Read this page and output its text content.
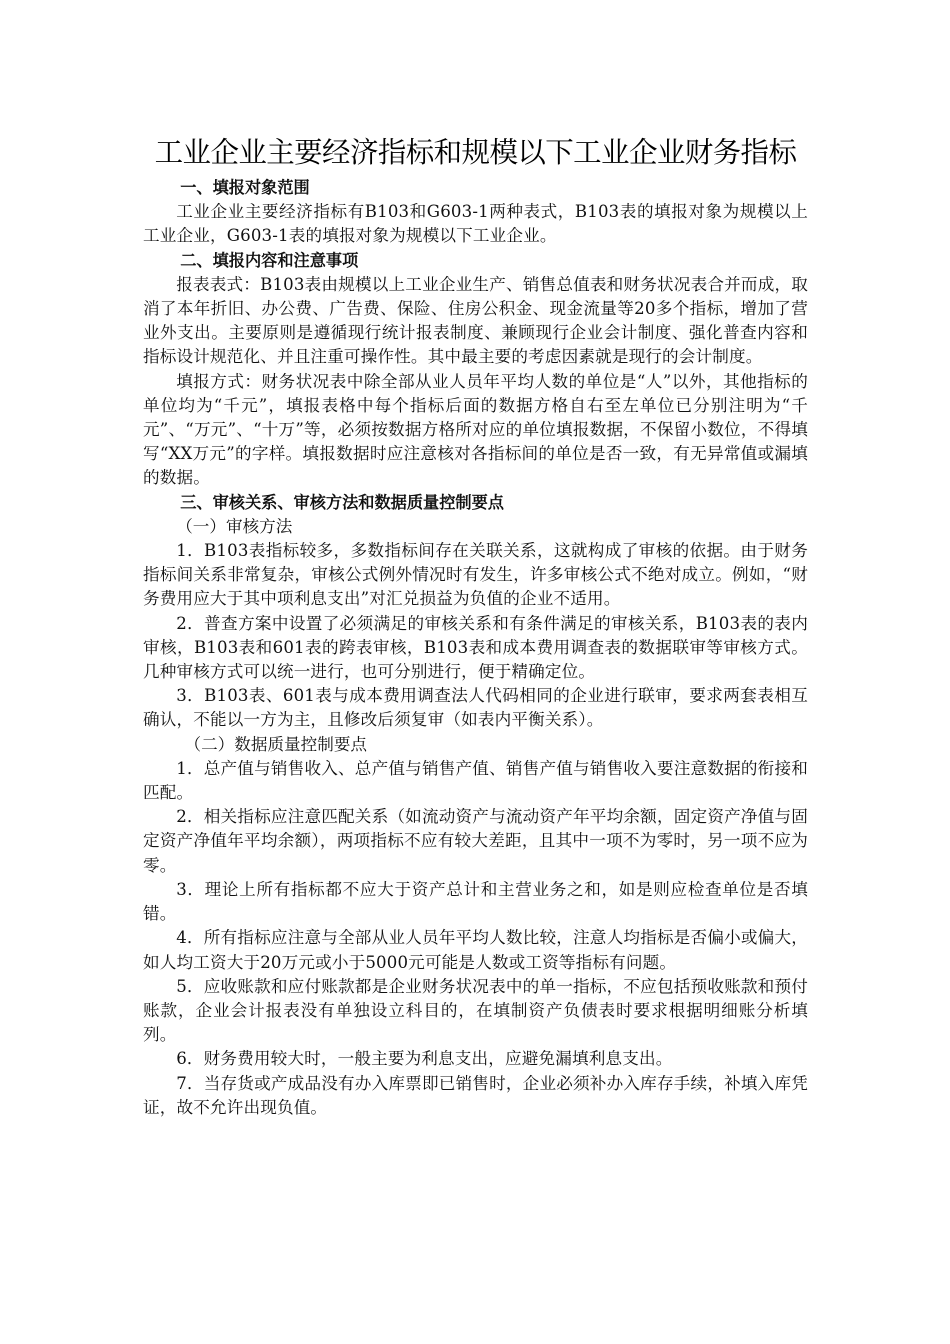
工业企业主要经济指标和规模以下工业企业财务指标
一、填报对象范围

工业企业主要经济指标有B103和G603-1两种表式，B103表的填报对象为规模以上工业企业，G603-1表的填报对象为规模以下工业企业。

二、填报内容和注意事项

报表表式：B103表由规模以上工业企业生产、销售总值表和财务状况表合并而成，取消了本年折旧、办公费、广告费、保险、住房公积金、现金流量等20多个指标，增加了营业外支出。主要原则是遵循现行统计报表制度、兼顾现行企业会计制度、强化普查内容和指标设计规范化、并且注重可操作性。其中最主要的考虑因素就是现行的会计制度。

填报方式：财务状况表中除全部从业人员年平均人数的单位是“人”以外，其他指标的单位均为“千元”，填报表格中每个指标后面的数据方格自右至左单位已分别注明为“千元”、“万元”、“十万”等，必须按数据方格所对应的单位填报数据，不保留小数位，不得填写“XX万元”的字样。填报数据时应注意核对各指标间的单位是否一致，有无异常值或漏填的数据。

三、审核关系、审核方法和数据质量控制要点
（一）审核方法

1．B103表指标较多，多数指标间存在关联关系，这就构成了审核的依据。由于财务指标间关系非常复杂，审核公式例外情况时有发生，许多审核公式不绝对成立。例如，“财务费用应大于其中项利息支出”对汇兑损益为负值的企业不适用。

2．普查方案中设置了必须满足的审核关系和有条件满足的审核关系，B103表的表内审核，B103表和601表的跨表审核，B103表和成本费用调查表的数据联审等审核方式。几种审核方式可以统一进行，也可分别进行，便于精确定位。

3．B103表、601表与成本费用调查法人代码相同的企业进行联审，要求两套表相互确认，不能以一方为主，且修改后须复审（如表内平衡关系）。

（二）数据质量控制要点

1．总产值与销售收入、总产值与销售产值、销售产值与销售收入要注意数据的衔接和匹配。

2．相关指标应注意匹配关系（如流动资产与流动资产年平均余额，固定资产净值与固定资产净值年平均余额），两项指标不应有较大差距，且其中一项不为零时，另一项不应为零。

3．理论上所有指标都不应大于资产总计和主营业务之和，如是则应检查单位是否填错。

4．所有指标应注意与全部从业人员年平均人数比较，注意人均指标是否偏小或偏大，如人均工资大于20万元或小于5000元可能是人数或工资等指标有问题。

5．应收账款和应付账款都是企业财务状况表中的单一指标，不应包括预收账款和预付账款，企业会计报表没有单独设立科目的，在填制资产负债表时要求根据明细账分析填列。

6．财务费用较大时，一般主要为利息支出，应避免漏填利息支出。

7．当存货或产成品没有办入库票即已销售时，企业必须补办入库存手续，补填入库凭证，故不允许出现负值。
